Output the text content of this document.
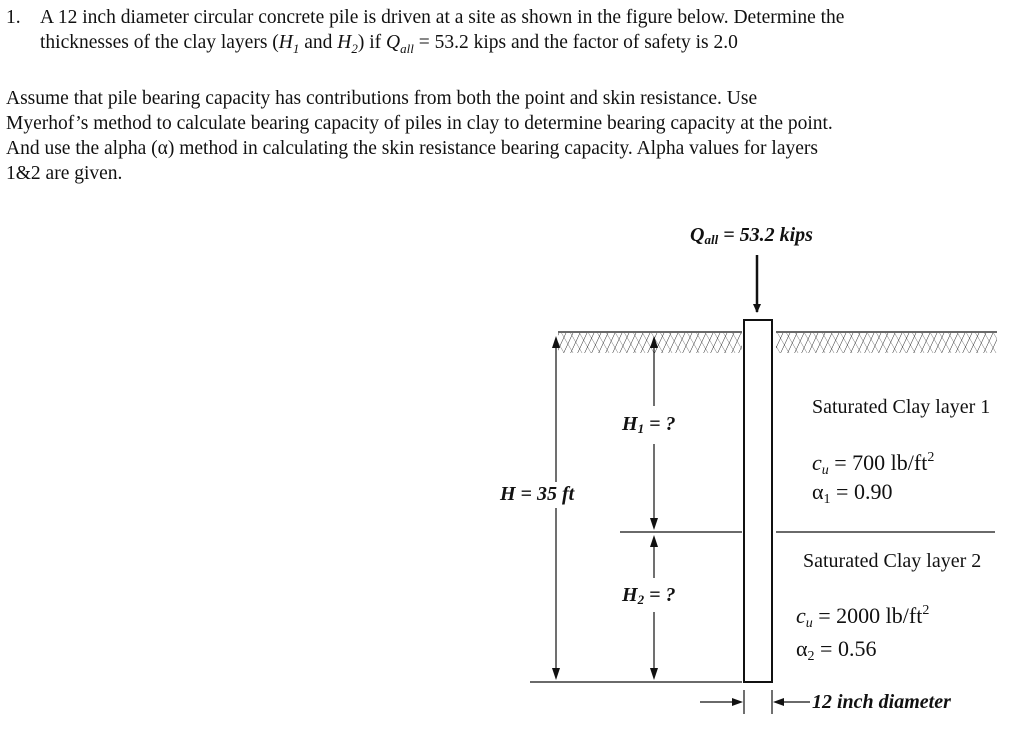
1. A 12 inch diameter circular concrete pile is driven at a site as shown in the figure below. Determine the
thicknesses of the clay layers ($H_1$ and $H_2$) if $Q_{all} = 53.2$ kips and the factor of safety is 2.0

Assume that pile bearing capacity has contributions from both the point and skin resistance. Use

Myerhof’s method to calculate bearing capacity of piles in clay to determine bearing capacity at the point.

And use the alpha (α) method in calculating the skin resistance bearing capacity. Alpha values for layers

1&2 are given.

Qall = 53.2 kips
H = 35 ft
H1 = ?
H2 = ?
Saturated Clay layer 1
cu = 700 $lb/ft^2$
α1 = 0.90
Saturated Clay layer 2
cu = 2000 $lb/ft^2$
α2 = 0.56
12 inch diameter
